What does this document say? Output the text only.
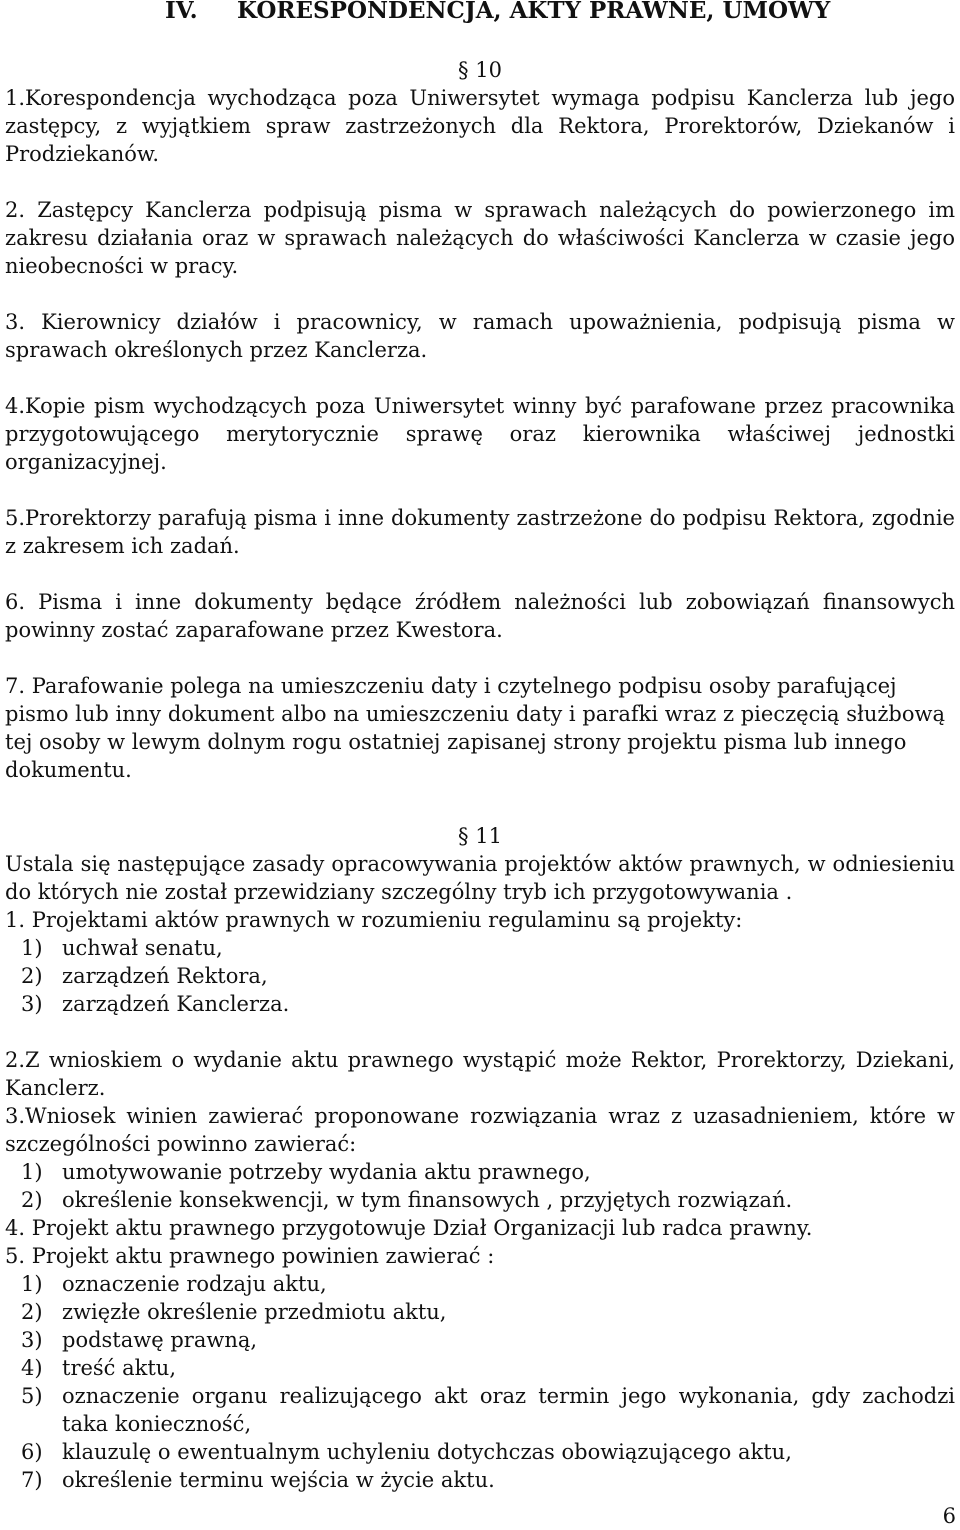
IV. KORESPONDENCJA, AKTY PRAWNE, UMOWY
§ 10

1.Korespondencja wychodząca poza Uniwersytet wymaga podpisu Kanclerza lub jego zastępcy, z wyjątkiem spraw zastrzeżonych dla Rektora, Prorektorów, Dziekanów i Prodziekanów.

2. Zastępcy Kanclerza podpisują pisma w sprawach należących do powierzonego im zakresu działania oraz w sprawach należących do właściwości Kanclerza w czasie jego nieobecności w pracy.

3. Kierownicy działów i pracownicy, w ramach upoważnienia, podpisują pisma w sprawach określonych przez Kanclerza.

4.Kopie pism wychodzących poza Uniwersytet winny być parafowane przez pracownika przygotowującego merytorycznie sprawę oraz kierownika właściwej jednostki organizacyjnej.

5.Prorektorzy parafują pisma i inne dokumenty zastrzeżone do podpisu Rektora, zgodnie z zakresem ich zadań.

6. Pisma i inne dokumenty będące źródłem należności lub zobowiązań finansowych powinny zostać zaparafowane przez Kwestora.

7. Parafowanie polega na umieszczeniu daty i czytelnego podpisu osoby parafującej pismo lub inny dokument albo na umieszczeniu daty i parafki wraz z pieczęcią służbową tej osoby w lewym dolnym rogu ostatniej zapisanej strony projektu pisma lub innego dokumentu.

§ 11

Ustala się następujące zasady opracowywania projektów aktów prawnych, w odniesieniu do których nie został przewidziany szczególny tryb ich przygotowywania .

1. Projektami aktów prawnych w rozumieniu regulaminu są projekty:

1) uchwał senatu,
2) zarządzeń Rektora,
3) zarządzeń Kanclerza.

2.Z wnioskiem o wydanie aktu prawnego wystąpić może Rektor, Prorektorzy, Dziekani, Kanclerz.

3.Wniosek winien zawierać proponowane rozwiązania wraz z uzasadnieniem, które w szczególności powinno zawierać:

1) umotywowanie potrzeby wydania aktu prawnego,
2) określenie konsekwencji, w tym finansowych , przyjętych rozwiązań.

4. Projekt aktu prawnego przygotowuje Dział Organizacji lub radca prawny.

5. Projekt aktu prawnego powinien zawierać :

1) oznaczenie rodzaju aktu,
2) zwięzłe określenie przedmiotu aktu,
3) podstawę prawną,
4) treść aktu,
5) oznaczenie organu realizującego akt oraz termin jego wykonania, gdy zachodzi taka konieczność,
6) klauzulę o ewentualnym uchyleniu dotychczas obowiązującego aktu,
7) określenie terminu wejścia w życie aktu.
6
